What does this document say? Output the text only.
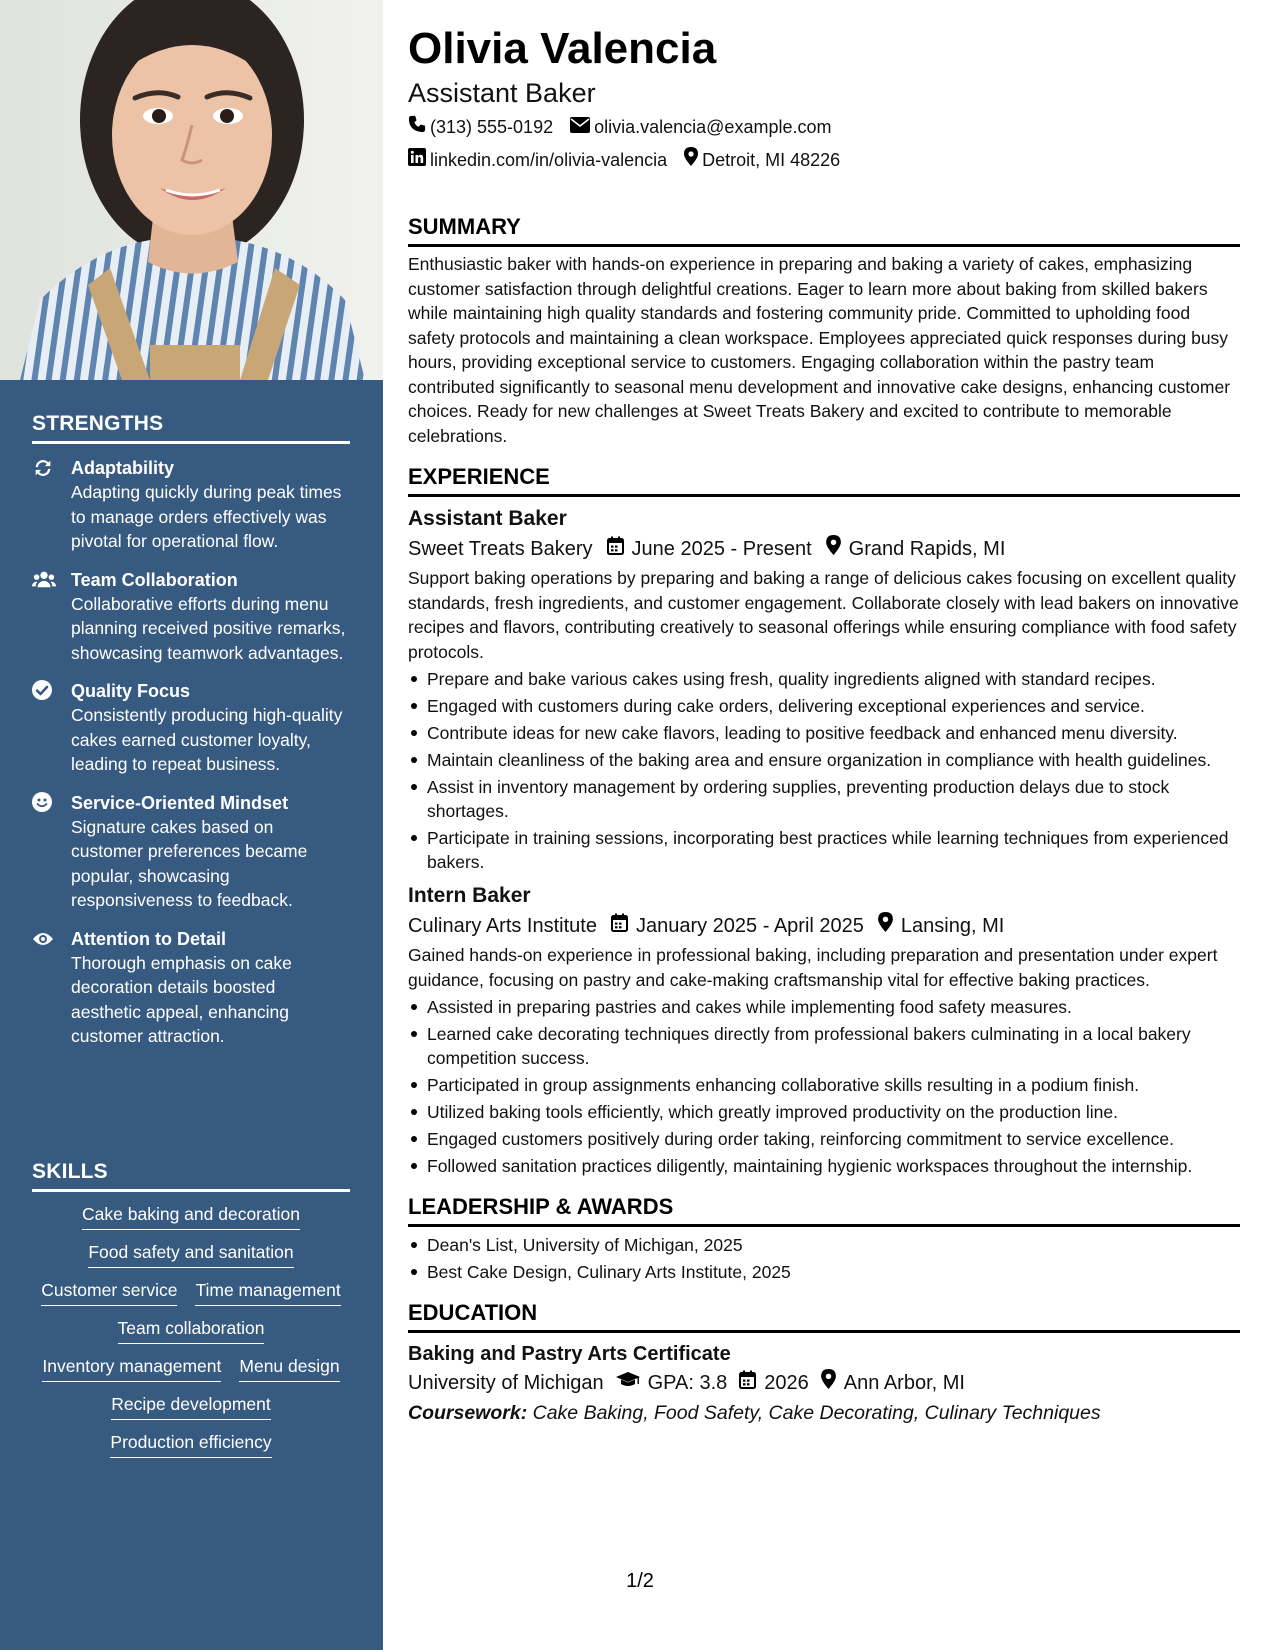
STRENGTHS
Adaptability
Adapting quickly during peak times to manage orders effectively was pivotal for operational flow.
Team Collaboration
Collaborative efforts during menu planning received positive remarks, showcasing teamwork advantages.
Quality Focus
Consistently producing high-quality cakes earned customer loyalty, leading to repeat business.
Service-Oriented Mindset
Signature cakes based on customer preferences became popular, showcasing responsiveness to feedback.
Attention to Detail
Thorough emphasis on cake decoration details boosted aesthetic appeal, enhancing customer attraction.
SKILLS
Cake baking and decoration
Food safety and sanitation
Customer service Time management
Team collaboration
Inventory management Menu design
Recipe development
Production efficiency
Olivia Valencia
Assistant Baker
(313) 555-0192 olivia.valencia@example.com
linkedin.com/in/olivia-valencia Detroit, MI 48226
SUMMARY
Enthusiastic baker with hands-on experience in preparing and baking a variety of cakes, emphasizing customer satisfaction through delightful creations. Eager to learn more about baking from skilled bakers while maintaining high quality standards and fostering community pride. Committed to upholding food safety protocols and maintaining a clean workspace. Employees appreciated quick responses during busy hours, providing exceptional service to customers. Engaging collaboration within the pastry team contributed significantly to seasonal menu development and innovative cake designs, enhancing customer choices. Ready for new challenges at Sweet Treats Bakery and excited to contribute to memorable celebrations.
EXPERIENCE
Assistant Baker
Sweet Treats Bakery June 2025 - Present Grand Rapids, MI
Support baking operations by preparing and baking a range of delicious cakes focusing on excellent quality standards, fresh ingredients, and customer engagement. Collaborate closely with lead bakers on innovative recipes and flavors, contributing creatively to seasonal offerings while ensuring compliance with food safety protocols.
Prepare and bake various cakes using fresh, quality ingredients aligned with standard recipes.
Engaged with customers during cake orders, delivering exceptional experiences and service.
Contribute ideas for new cake flavors, leading to positive feedback and enhanced menu diversity.
Maintain cleanliness of the baking area and ensure organization in compliance with health guidelines.
Assist in inventory management by ordering supplies, preventing production delays due to stock shortages.
Participate in training sessions, incorporating best practices while learning techniques from experienced bakers.
Intern Baker
Culinary Arts Institute January 2025 - April 2025 Lansing, MI
Gained hands-on experience in professional baking, including preparation and presentation under expert guidance, focusing on pastry and cake-making craftsmanship vital for effective baking practices.
Assisted in preparing pastries and cakes while implementing food safety measures.
Learned cake decorating techniques directly from professional bakers culminating in a local bakery competition success.
Participated in group assignments enhancing collaborative skills resulting in a podium finish.
Utilized baking tools efficiently, which greatly improved productivity on the production line.
Engaged customers positively during order taking, reinforcing commitment to service excellence.
Followed sanitation practices diligently, maintaining hygienic workspaces throughout the internship.
LEADERSHIP & AWARDS
Dean's List, University of Michigan, 2025
Best Cake Design, Culinary Arts Institute, 2025
EDUCATION
Baking and Pastry Arts Certificate
University of Michigan GPA: 3.8 2026 Ann Arbor, MI
Coursework: Cake Baking, Food Safety, Cake Decorating, Culinary Techniques
1/2
